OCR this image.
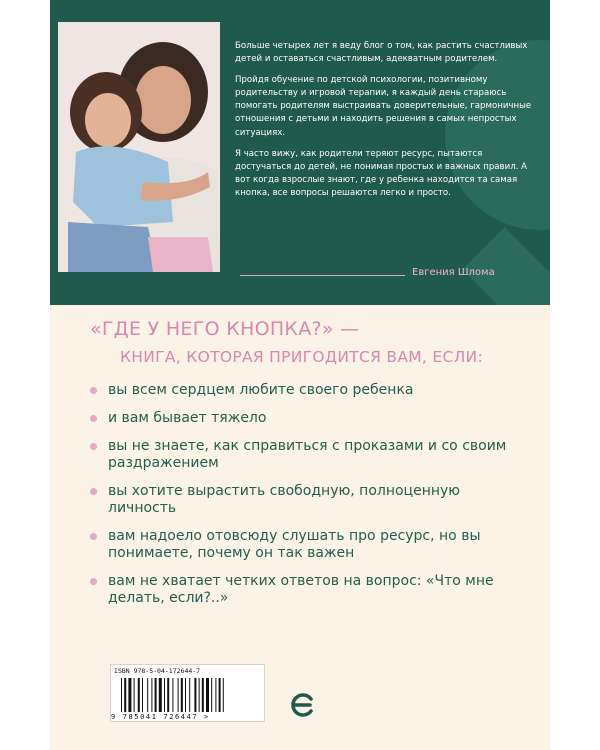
Больше четырех лет я веду блог о том, как растить счастливых детей и оставаться счастливым, адекватным родителем.

Пройдя обучение по детской психологии, позитивному родительству и игровой терапии, я каждый день стараюсь помогать родителям выстраивать доверительные, гармоничные отношения с детьми и находить решения в самых непростых ситуациях.

Я часто вижу, как родители теряют ресурс, пытаются достучаться до детей, не понимая простых и важных правил. А вот когда взрослые знают, где у ребенка находится та самая кнопка, все вопросы решаются легко и просто.

Евгения Шлома
«ГДЕ У НЕГО КНОПКА?» —
КНИГА, КОТОРАЯ ПРИГОДИТСЯ ВАМ, ЕСЛИ:
вы всем сердцем любите своего ребенка
и вам бывает тяжело
вы не знаете, как справиться с проказами и со своим раздражением
вы хотите вырастить свободную, полноценную личность
вам надоело отовсюду слушать про ресурс, но вы понимаете, почему он так важен
вам не хватает четких ответов на вопрос: «Что мне делать, если?..»
ISBN 978-5-04-172644-7
9 785041 726447 >
